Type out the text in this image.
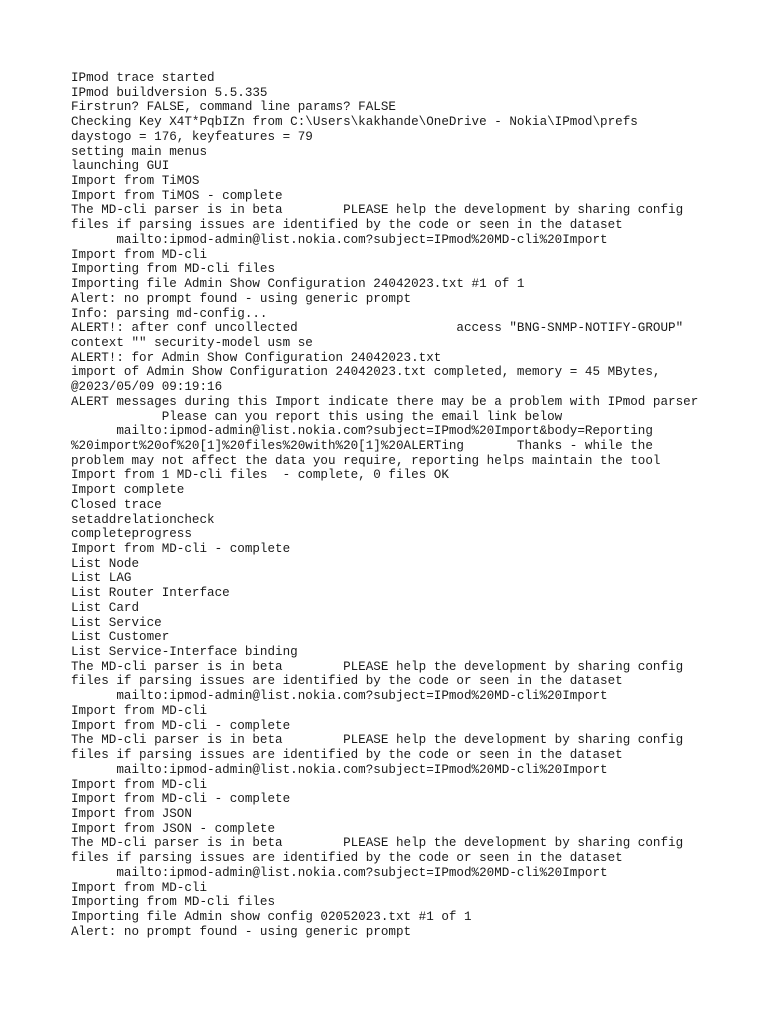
IPmod trace started
IPmod buildversion 5.5.335
Firstrun? FALSE, command line params? FALSE
Checking Key X4T*PqbIZn from C:\Users\kakhande\OneDrive - Nokia\IPmod\prefs
daystogo = 176, keyfeatures = 79
setting main menus
launching GUI
Import from TiMOS
Import from TiMOS - complete
The MD-cli parser is in beta        PLEASE help the development by sharing config
files if parsing issues are identified by the code or seen in the dataset
mailto:ipmod-admin@list.nokia.com?subject=IPmod%20MD-cli%20Import
Import from MD-cli
Importing from MD-cli files
Importing file Admin Show Configuration 24042023.txt #1 of 1
Alert: no prompt found - using generic prompt
Info: parsing md-config...
ALERT!: after conf uncollected                     access "BNG-SNMP-NOTIFY-GROUP"
context "" security-model usm se
ALERT!: for Admin Show Configuration 24042023.txt
import of Admin Show Configuration 24042023.txt completed, memory = 45 MBytes,
@2023/05/09 09:19:16
ALERT messages during this Import indicate there may be a problem with IPmod parser
Please can you report this using the email link below
mailto:ipmod-admin@list.nokia.com?subject=IPmod%20Import&body=Reporting
%20import%20of%20[1]%20files%20with%20[1]%20ALERTing       Thanks - while the
problem may not affect the data you require, reporting helps maintain the tool
Import from 1 MD-cli files  - complete, 0 files OK
Import complete
Closed trace
setaddrelationcheck
completeprogress
Import from MD-cli - complete
List Node
List LAG
List Router Interface
List Card
List Service
List Customer
List Service-Interface binding
The MD-cli parser is in beta        PLEASE help the development by sharing config
files if parsing issues are identified by the code or seen in the dataset
mailto:ipmod-admin@list.nokia.com?subject=IPmod%20MD-cli%20Import
Import from MD-cli
Import from MD-cli - complete
The MD-cli parser is in beta        PLEASE help the development by sharing config
files if parsing issues are identified by the code or seen in the dataset
mailto:ipmod-admin@list.nokia.com?subject=IPmod%20MD-cli%20Import
Import from MD-cli
Import from MD-cli - complete
Import from JSON
Import from JSON - complete
The MD-cli parser is in beta        PLEASE help the development by sharing config
files if parsing issues are identified by the code or seen in the dataset
mailto:ipmod-admin@list.nokia.com?subject=IPmod%20MD-cli%20Import
Import from MD-cli
Importing from MD-cli files
Importing file Admin show config 02052023.txt #1 of 1
Alert: no prompt found - using generic prompt
